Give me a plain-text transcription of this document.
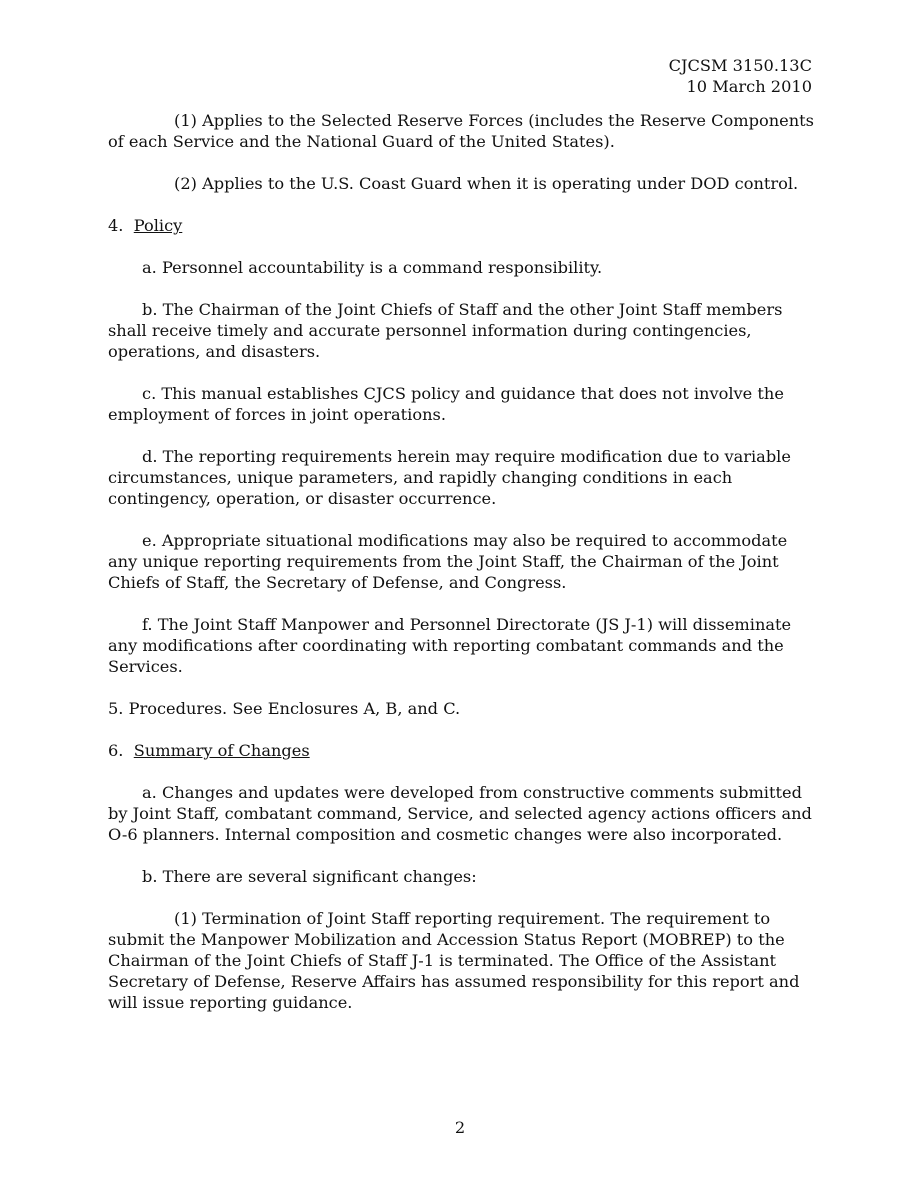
CJCSM 3150.13C
10 March 2010

(1) Applies to the Selected Reserve Forces (includes the Reserve Components of each Service and the National Guard of the United States).

(2) Applies to the U.S. Coast Guard when it is operating under DOD control.

4. Policy

a. Personnel accountability is a command responsibility.

b. The Chairman of the Joint Chiefs of Staff and the other Joint Staff members shall receive timely and accurate personnel information during contingencies, operations, and disasters.

c. This manual establishes CJCS policy and guidance that does not involve the employment of forces in joint operations.

d. The reporting requirements herein may require modification due to variable circumstances, unique parameters, and rapidly changing conditions in each contingency, operation, or disaster occurrence.

e. Appropriate situational modifications may also be required to accommodate any unique reporting requirements from the Joint Staff, the Chairman of the Joint Chiefs of Staff, the Secretary of Defense, and Congress.

f. The Joint Staff Manpower and Personnel Directorate (JS J-1) will disseminate any modifications after coordinating with reporting combatant commands and the Services.

5. Procedures. See Enclosures A, B, and C.

6. Summary of Changes

a. Changes and updates were developed from constructive comments submitted by Joint Staff, combatant command, Service, and selected agency actions officers and O-6 planners. Internal composition and cosmetic changes were also incorporated.

b. There are several significant changes:

(1) Termination of Joint Staff reporting requirement. The requirement to submit the Manpower Mobilization and Accession Status Report (MOBREP) to the Chairman of the Joint Chiefs of Staff J-1 is terminated. The Office of the Assistant Secretary of Defense, Reserve Affairs has assumed responsibility for this report and will issue reporting guidance.

2
